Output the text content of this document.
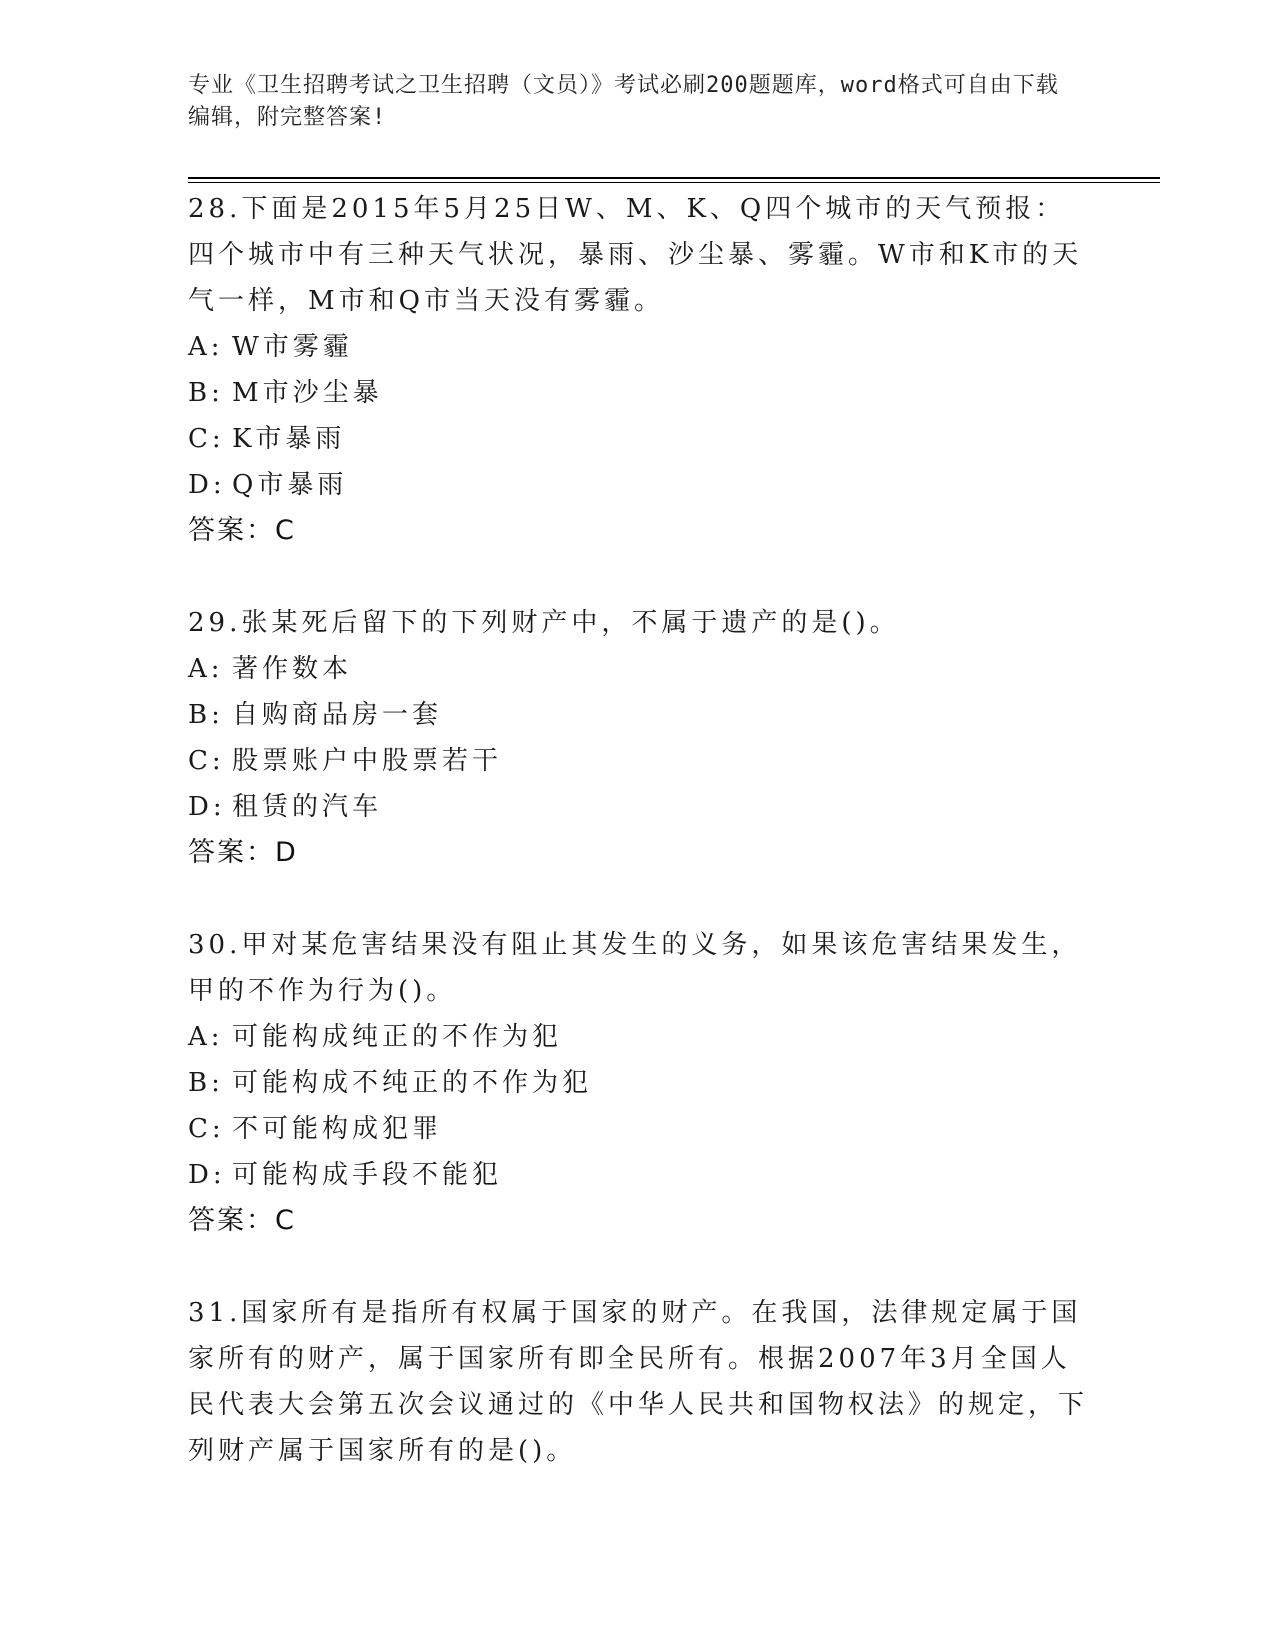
专业《卫生招聘考试之卫生招聘（文员）》考试必刷200题题库，word格式可自由下载编辑，附完整答案!

28.下面是2015年5月25日W、M、K、Q四个城市的天气预报：四个城市中有三种天气状况，暴雨、沙尘暴、雾霾。W市和K市的天气一样，M市和Q市当天没有雾霾。

A: W市雾霾

B: M市沙尘暴

C: K市暴雨

D: Q市暴雨

答案：C

29.张某死后留下的下列财产中，不属于遗产的是()。

A: 著作数本

B: 自购商品房一套

C: 股票账户中股票若干

D: 租赁的汽车

答案：D

30.甲对某危害结果没有阻止其发生的义务，如果该危害结果发生，甲的不作为行为()。

A: 可能构成纯正的不作为犯

B: 可能构成不纯正的不作为犯

C: 不可能构成犯罪

D: 可能构成手段不能犯

答案：C

31.国家所有是指所有权属于国家的财产。在我国，法律规定属于国家所有的财产，属于国家所有即全民所有。根据2007年3月全国人民代表大会第五次会议通过的《中华人民共和国物权法》的规定，下列财产属于国家所有的是()。
